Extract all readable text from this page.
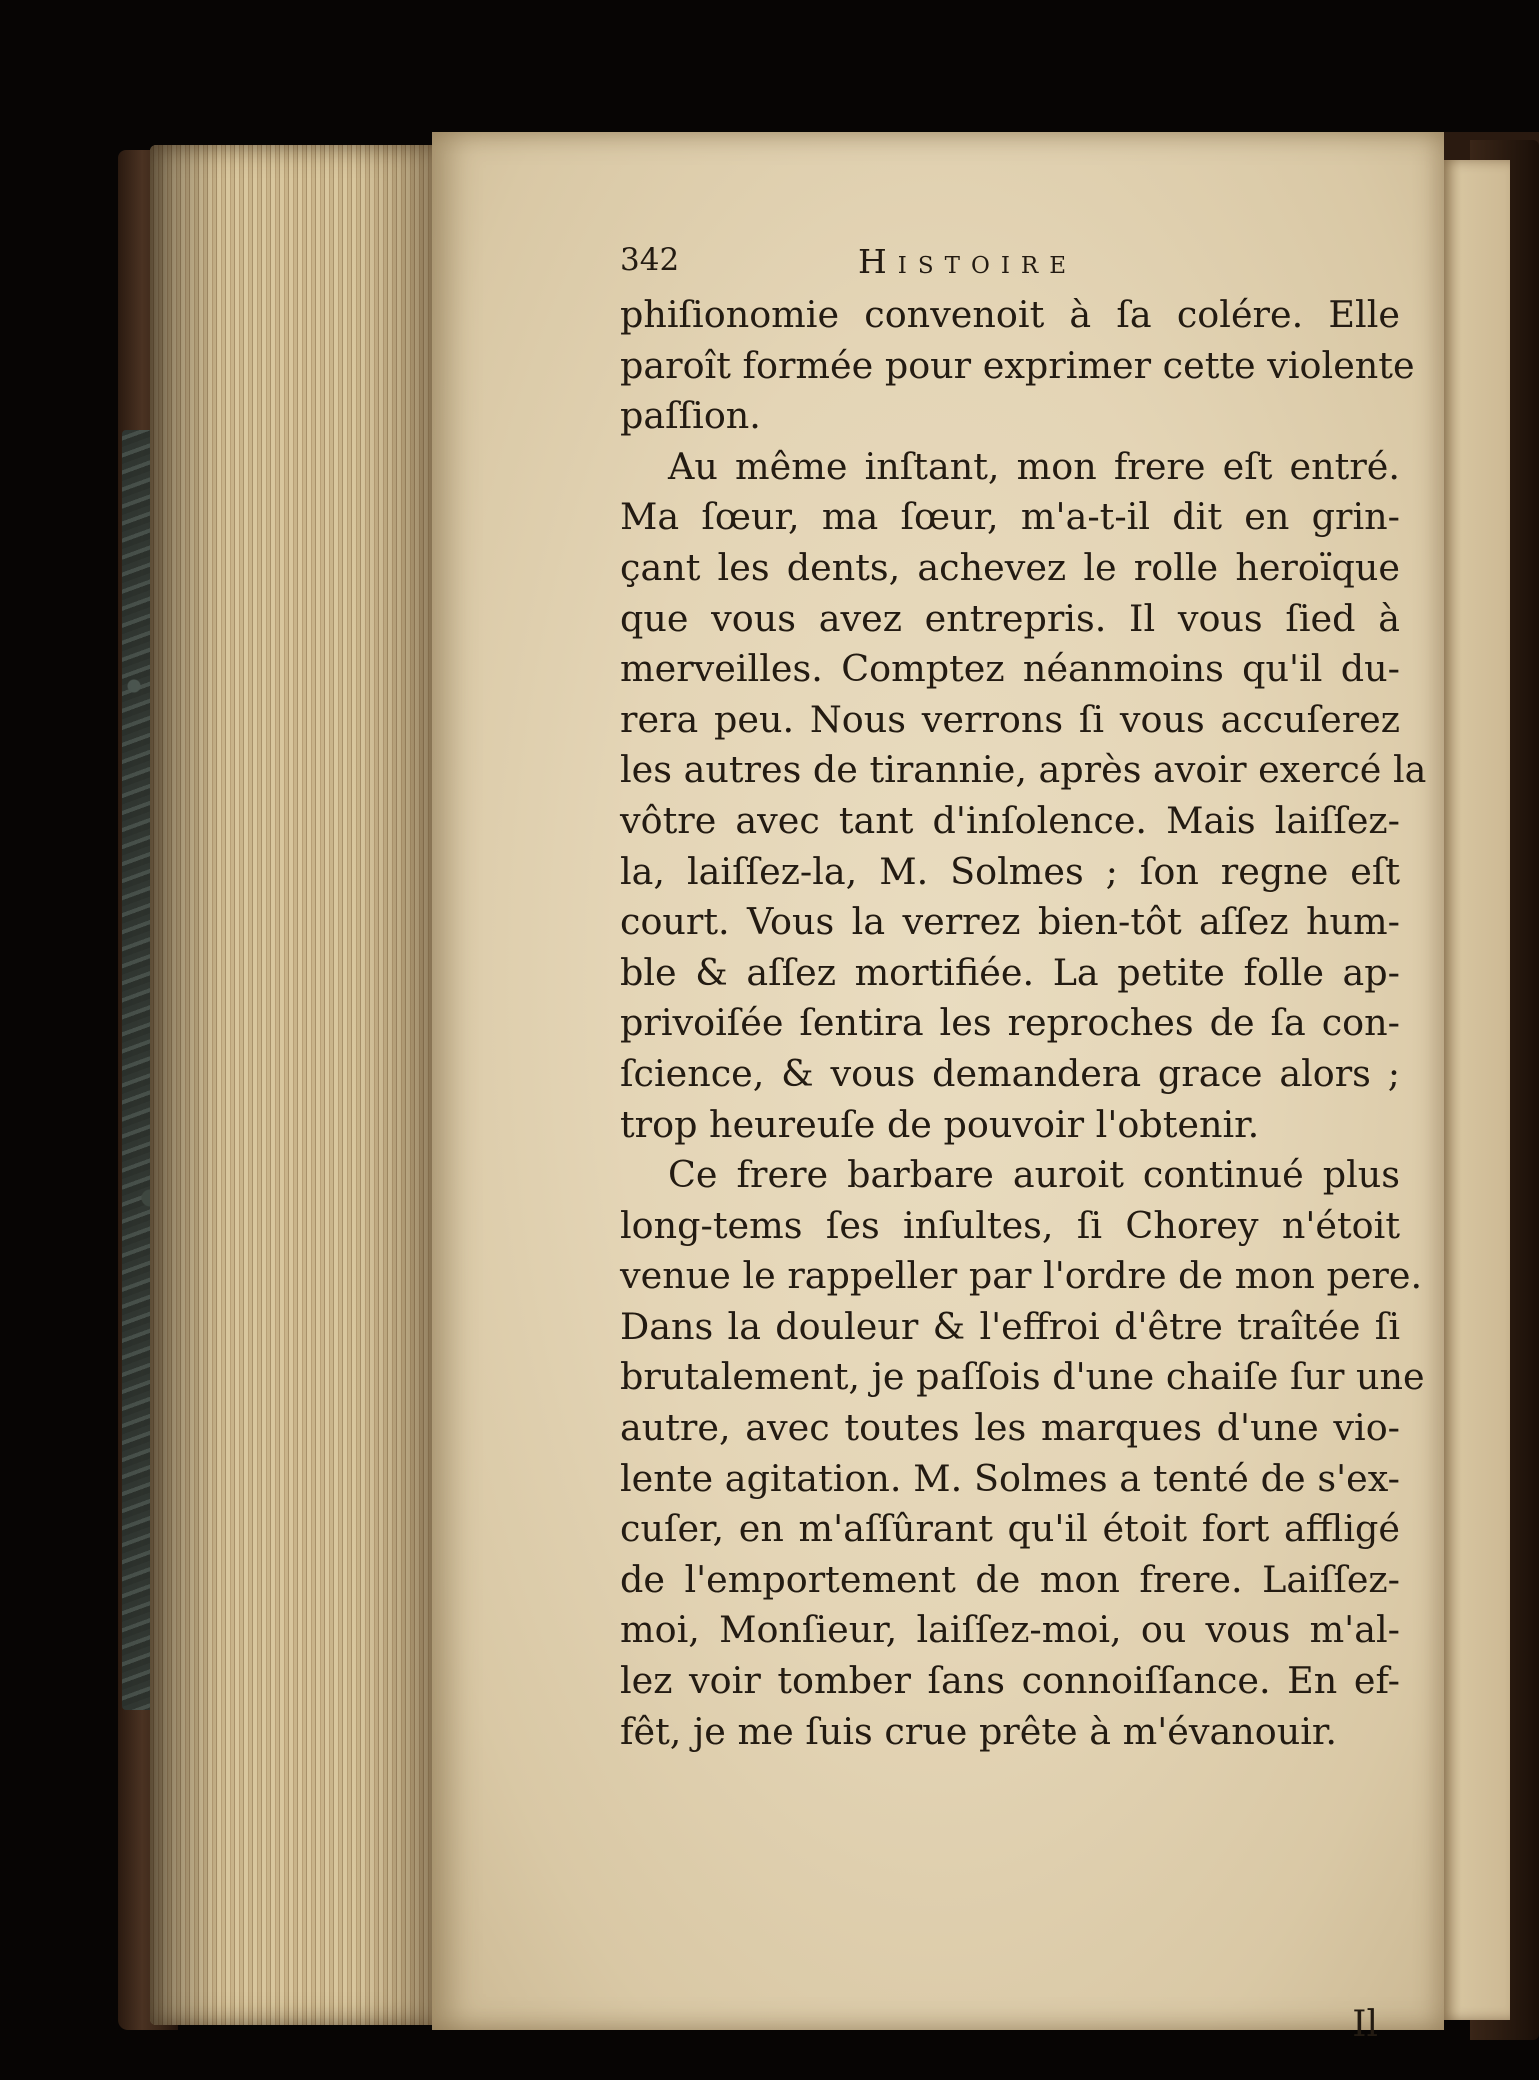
342	Histoire
phiſionomie convenoit à ſa colére. Elle
paroît formée pour exprimer cette violente
paſſion.
Au même inſtant, mon frere eſt entré.
Ma ſœur, ma ſœur, m'a-t-il dit en grin-
çant les dents, achevez le rolle heroïque
que vous avez entrepris. Il vous ſied à
merveilles. Comptez néanmoins qu'il du-
rera peu. Nous verrons ſi vous accuſerez
les autres de tirannie, après avoir exercé la
vôtre avec tant d'inſolence. Mais laiſſez-
la, laiſſez-la, M. Solmes ; ſon regne eſt
court. Vous la verrez bien-tôt aſſez hum-
ble & aſſez mortifiée. La petite folle ap-
privoiſée ſentira les reproches de ſa con-
ſcience, & vous demandera grace alors ;
trop heureuſe de pouvoir l'obtenir.
Ce frere barbare auroit continué plus
long-tems ſes inſultes, ſi Chorey n'étoit
venue le rappeller par l'ordre de mon pere.
Dans la douleur & l'effroi d'être traîtée ſi
brutalement, je paſſois d'une chaiſe ſur une
autre, avec toutes les marques d'une vio-
lente agitation. M. Solmes a tenté de s'ex-
cuſer, en m'aſſûrant qu'il étoit fort affligé
de l'emportement de mon frere. Laiſſez-
moi, Monſieur, laiſſez-moi, ou vous m'al-
lez voir tomber ſans connoiſſance. En ef-
fêt, je me ſuis crue prête à m'évanouir.
Il
